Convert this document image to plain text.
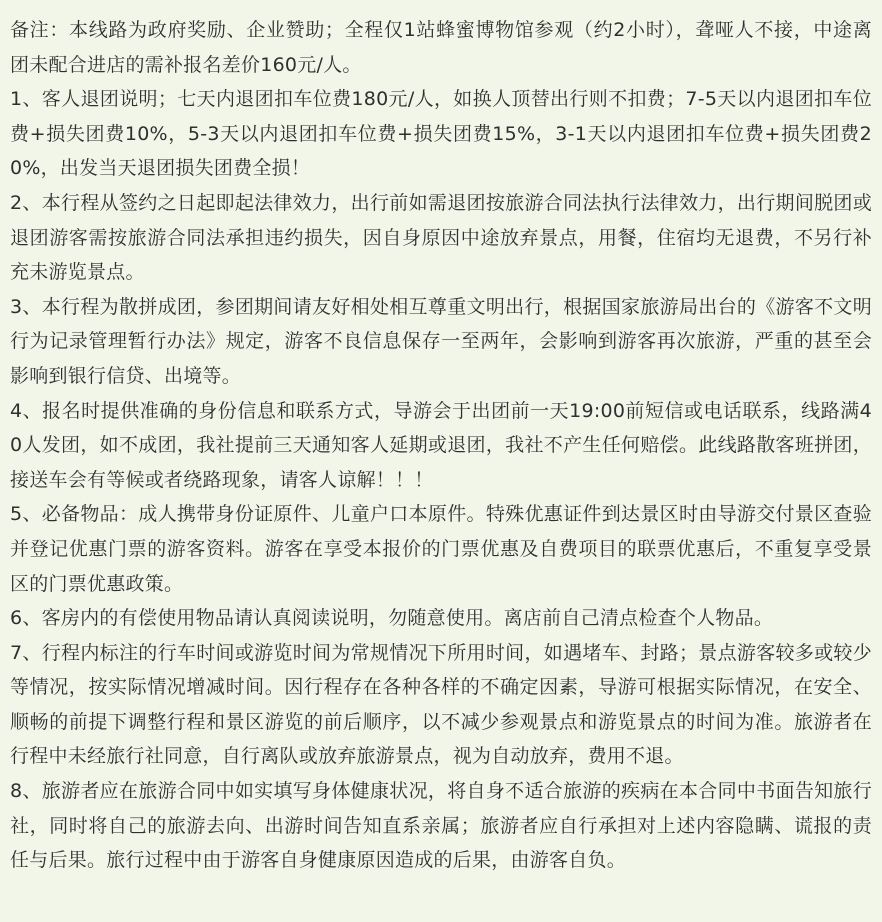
备注：本线路为政府奖励、企业赞助；全程仅1站蜂蜜博物馆参观（约2小时），聋哑人不接，中途离团未配合进店的需补报名差价160元/人。

1、客人退团说明；七天内退团扣车位费180元/人，如换人顶替出行则不扣费；7-5天以内退团扣车位费+损失团费10%，5-3天以内退团扣车位费+损失团费15%，3-1天以内退团扣车位费+损失团费20%，出发当天退团损失团费全损！

2、本行程从签约之日起即起法律效力，出行前如需退团按旅游合同法执行法律效力，出行期间脱团或退团游客需按旅游合同法承担违约损失，因自身原因中途放弃景点，用餐，住宿均无退费，不另行补充未游览景点。

3、本行程为散拼成团，参团期间请友好相处相互尊重文明出行，根据国家旅游局出台的《游客不文明行为记录管理暂行办法》规定，游客不良信息保存一至两年，会影响到游客再次旅游，严重的甚至会影响到银行信贷、出境等。

4、报名时提供准确的身份信息和联系方式，导游会于出团前一天19:00前短信或电话联系，线路满40人发团，如不成团，我社提前三天通知客人延期或退团，我社不产生任何赔偿。此线路散客班拼团，接送车会有等候或者绕路现象，请客人谅解！！！

5、必备物品：成人携带身份证原件、儿童户口本原件。特殊优惠证件到达景区时由导游交付景区查验并登记优惠门票的游客资料。游客在享受本报价的门票优惠及自费项目的联票优惠后，不重复享受景区的门票优惠政策。

6、客房内的有偿使用物品请认真阅读说明，勿随意使用。离店前自己清点检查个人物品。

7、行程内标注的行车时间或游览时间为常规情况下所用时间，如遇堵车、封路；景点游客较多或较少等情况，按实际情况增减时间。因行程存在各种各样的不确定因素，导游可根据实际情况，在安全、顺畅的前提下调整行程和景区游览的前后顺序，以不减少参观景点和游览景点的时间为准。旅游者在行程中未经旅行社同意，自行离队或放弃旅游景点，视为自动放弃，费用不退。

8、旅游者应在旅游合同中如实填写身体健康状况，将自身不适合旅游的疾病在本合同中书面告知旅行社，同时将自己的旅游去向、出游时间告知直系亲属；旅游者应自行承担对上述内容隐瞒、谎报的责任与后果。旅行过程中由于游客自身健康原因造成的后果，由游客自负。
